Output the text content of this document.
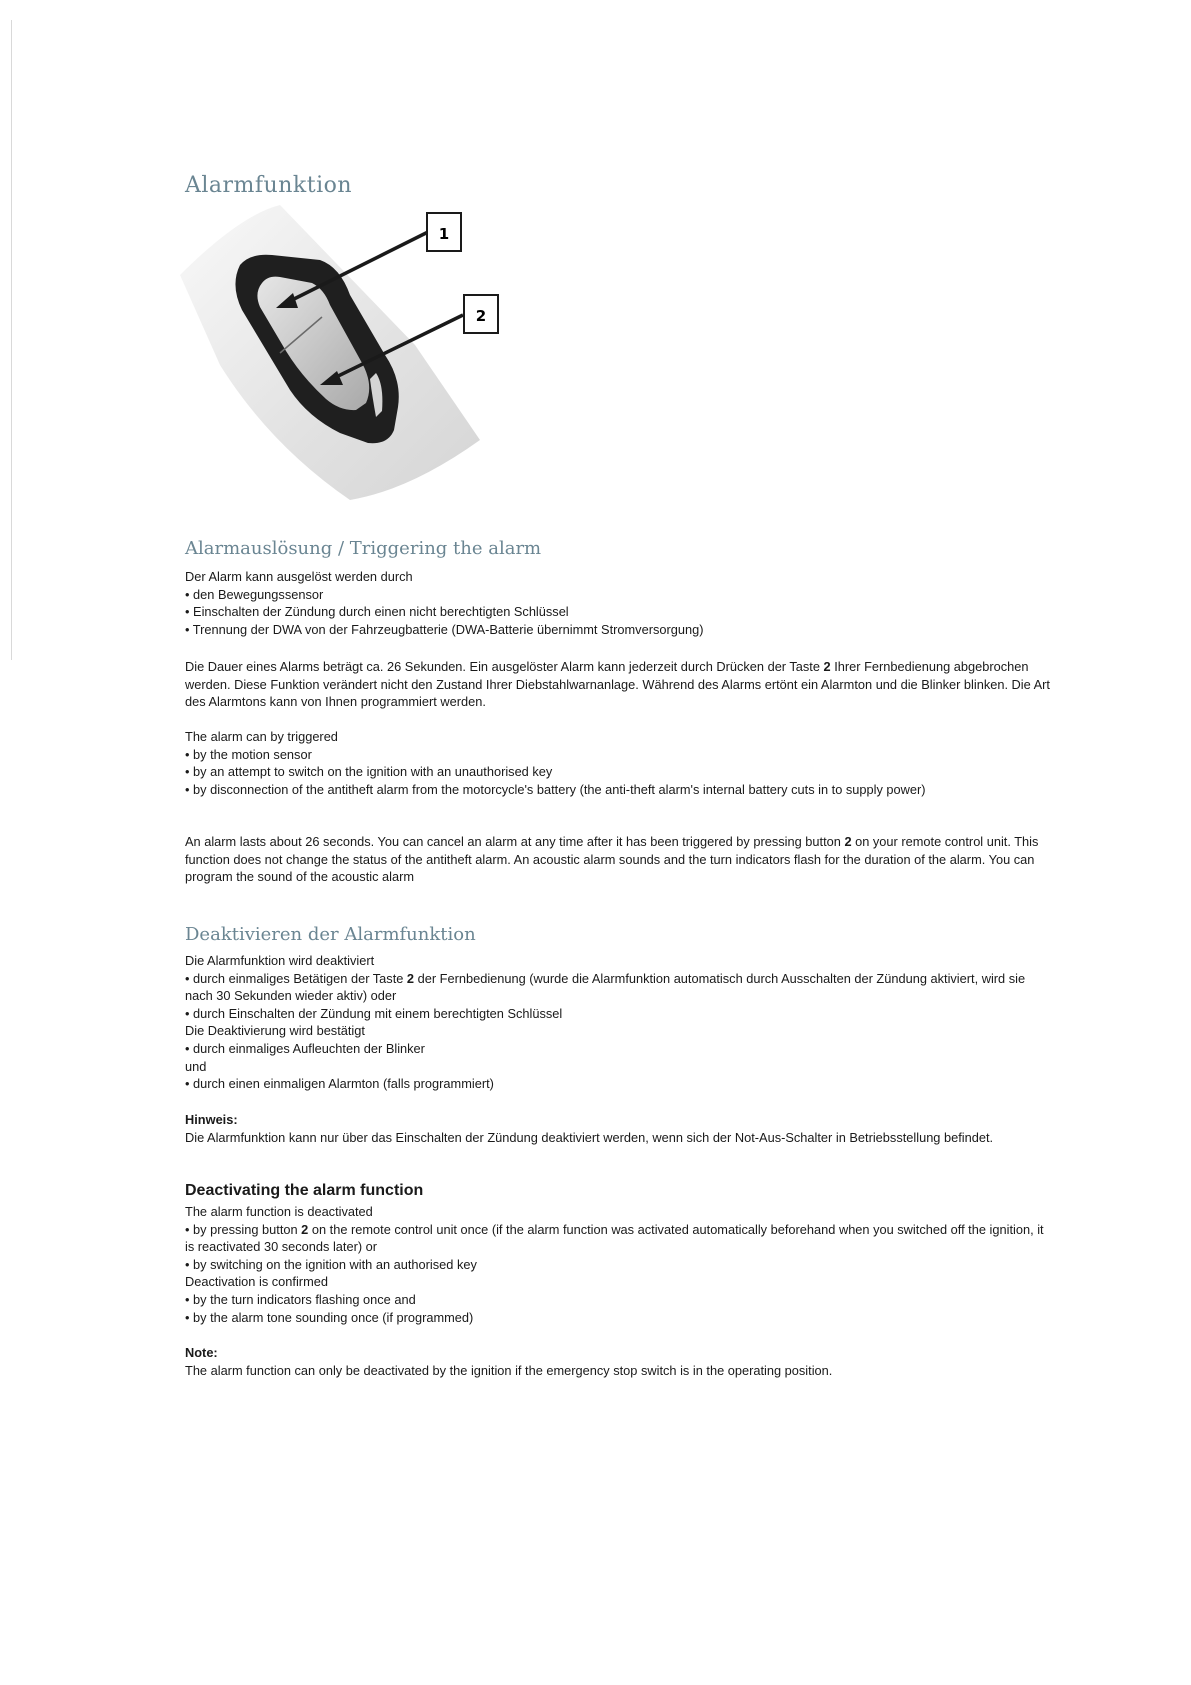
Alarmfunktion
1
2
Alarmauslösung / Triggering the alarm

Der Alarm kann ausgelöst werden durch

• den Bewegungssensor

• Einschalten der Zündung durch einen nicht berechtigten Schlüssel

• Trennung der DWA von der Fahrzeugbatterie (DWA-Batterie übernimmt Stromversorgung)

Die Dauer eines Alarms beträgt ca. 26 Sekunden. Ein ausgelöster Alarm kann jederzeit durch Drücken der Taste 2 Ihrer Fernbedienung abgebrochen werden. Diese Funktion verändert nicht den Zustand Ihrer Diebstahlwarnanlage. Während des Alarms ertönt ein Alarmton und die Blinker blinken. Die Art des Alarmtons kann von Ihnen programmiert werden.

The alarm can by triggered

• by the motion sensor

• by an attempt to switch on the ignition with an unauthorised key

• by disconnection of the antitheft alarm from the motorcycle's battery (the anti-theft alarm's internal battery cuts in to supply power)

An alarm lasts about 26 seconds. You can cancel an alarm at any time after it has been triggered by pressing button 2 on your remote control unit. This function does not change the status of the antitheft alarm. An acoustic alarm sounds and the turn indicators flash for the duration of the alarm. You can program the sound of the acoustic alarm

Deaktivieren der Alarmfunktion

Die Alarmfunktion wird deaktiviert

• durch einmaliges Betätigen der Taste 2 der Fernbedienung (wurde die Alarmfunktion automatisch durch Ausschalten der Zündung aktiviert, wird sie nach 30 Sekunden wieder aktiv) oder

• durch Einschalten der Zündung mit einem berechtigten Schlüssel

Die Deaktivierung wird bestätigt

• durch einmaliges Aufleuchten der Blinker

und

• durch einen einmaligen Alarmton (falls programmiert)

Hinweis:

Die Alarmfunktion kann nur über das Einschalten der Zündung deaktiviert werden, wenn sich der Not-Aus-Schalter in Betriebsstellung befindet.

Deactivating the alarm function

The alarm function is deactivated

• by pressing button 2 on the remote control unit once (if the alarm function was activated automatically beforehand when you switched off the ignition, it is reactivated 30 seconds later) or

• by switching on the ignition with an authorised key

Deactivation is confirmed

• by the turn indicators flashing once and

• by the alarm tone sounding once (if programmed)

Note:

The alarm function can only be deactivated by the ignition if the emergency stop switch is in the operating position.
